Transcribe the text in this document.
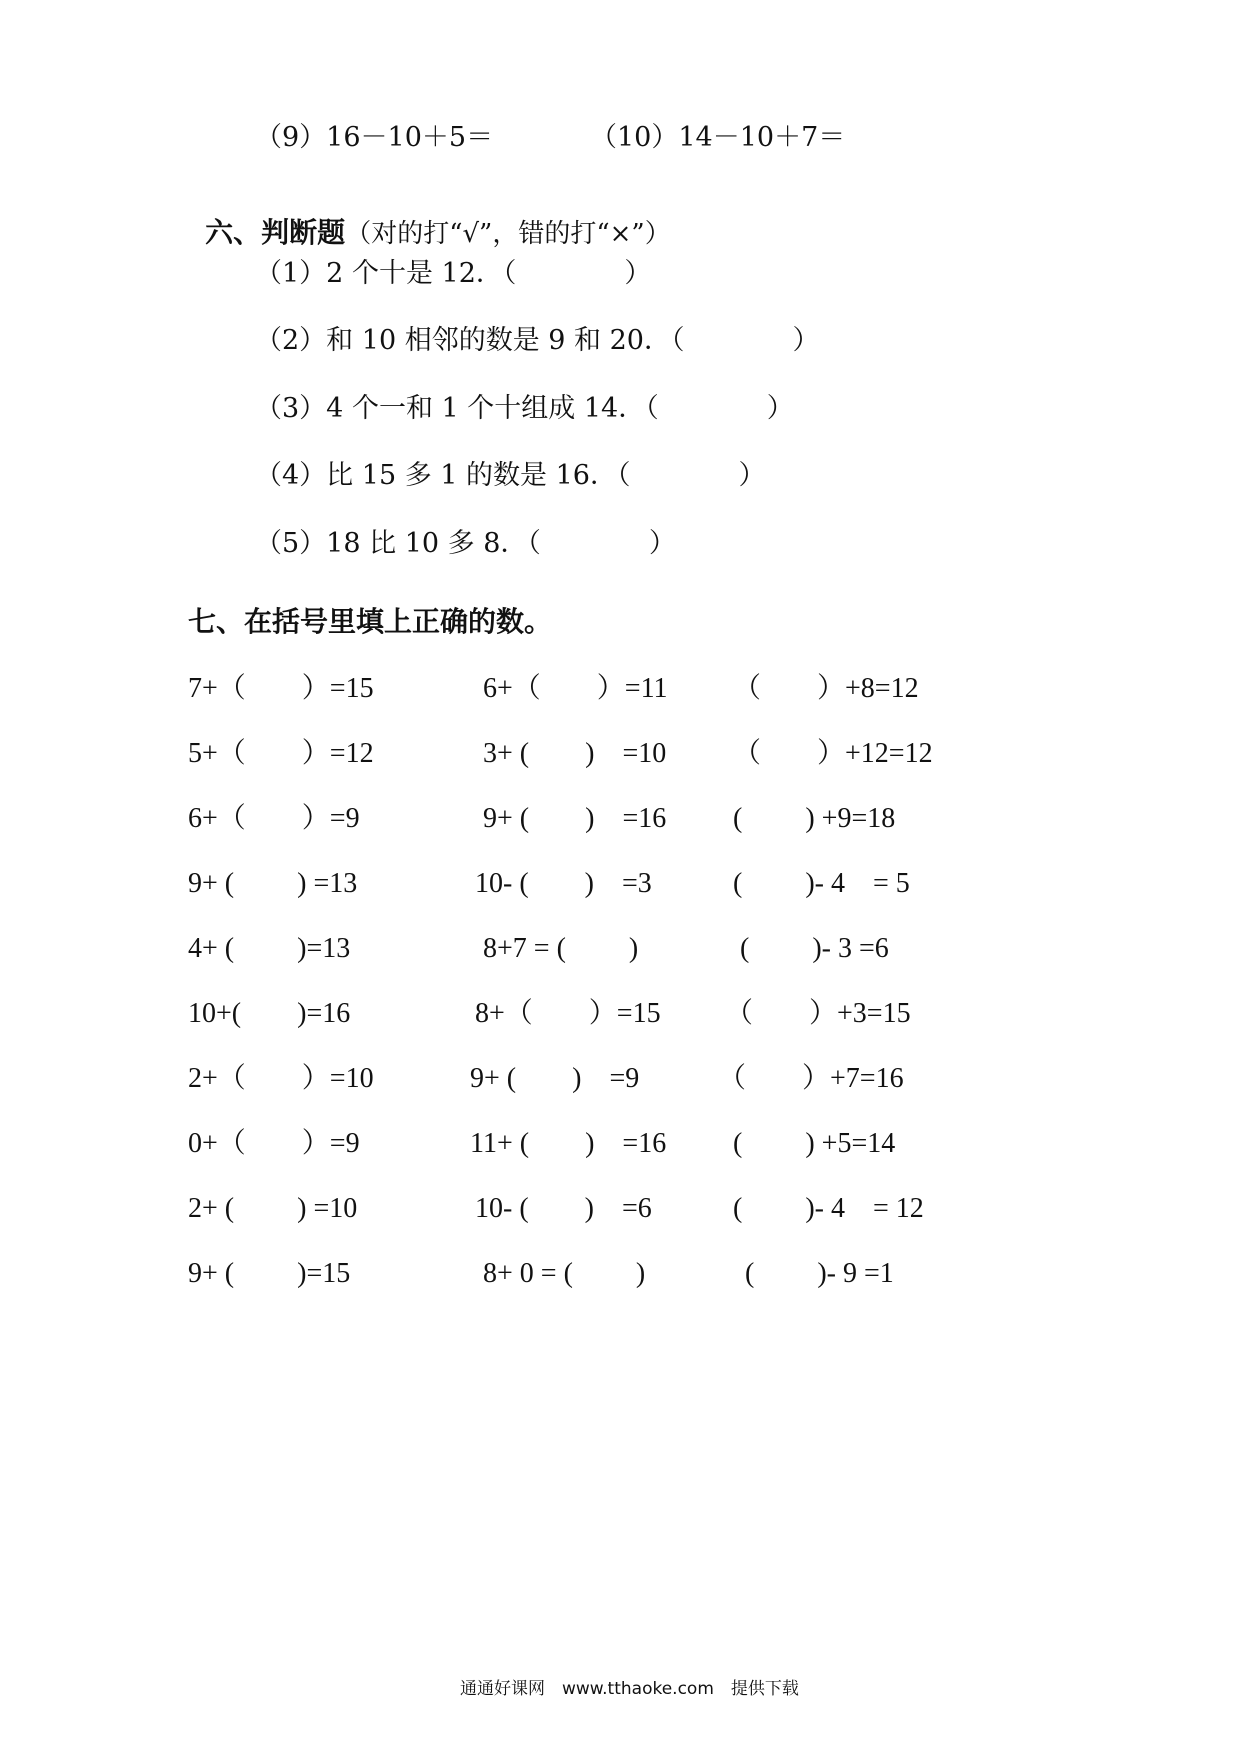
（9）16－10＋5＝	（10）14－10＋7＝

六、判断题（对的打“√”，错的打“×”）

（1）2 个十是 12．（　　　　）
（2）和 10 相邻的数是 9 和 20．（　　　　）
（3）4 个一和 1 个十组成 14．（　　　　）
（4）比 15 多 1 的数是 16．（　　　　）
（5）18 比 10 多 8．（　　　　）
七、在括号里填上正确的数。
7+（　　）=15	6+（　　）=11 （　　）+8=12
5+（　　）=12	3+ (　　)　=10 （　　）+12=12
6+（　　）=9	9+ (　　)　=16 (　　 ) +9=18
9+ (　　 ) =13	10- (　　)　=3	(　　 )- 4　= 5
4+ (　　 )=13	8+7 = (　　 )	(　　 )- 3 =6
10+(　　)=16	8+（　　）=15 （　　）+3=15
2+（　　）=10	9+ (　　)　=9	（　　）+7=16
0+（　　）=9	11+ (　　)　=16 (　　 ) +5=14
2+ (　　 ) =10	10- (　　)　=6	(　　 )- 4　= 12
9+ (　　 )=15	8+ 0 = (　　 )	(　　 )- 9 =1
通通好课网　www.tthaoke.com　提供下载
